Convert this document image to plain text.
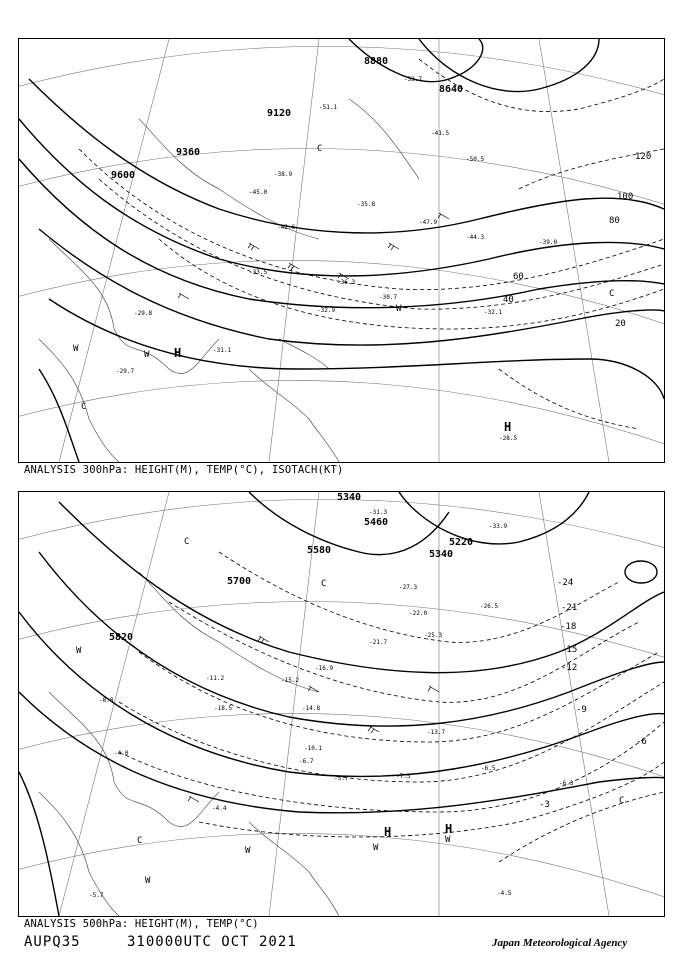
8880
8640
9120
9360
9600
20
40
60
80
100
120
H
H
W
W
W
C
C
C
-53.7
-51.1
-50.5
-47.9
-45.0
-42.6
-39.0
-36.3
-33.5
-31.1
-30.7
-29.8
-29.7
-32.1
-32.9
-28.5
-35.8
-38.9
-41.5
-44.3
ANALYSIS 300hPa: HEIGHT(M), TEMP(°C), ISOTACH(KT)
5340
5460
5220
5340
5580
5700
5820
-24
-21
-18
-15
-12
-9
-6
-3
C
C
C
C
H	H
W
W
W
W
W
-31.3
-33.9
-27.3
-26.5
-25.3
-22.0
-21.7
-18.5
-16.9
-15.2
-14.8
-13.7
-11.2
-10.1
-8.8
-7.5
-6.7
-5.7
-4.4
-4.0
-6.5
-6.3
-4.5
-5.7
ANALYSIS 500hPa: HEIGHT(M), TEMP(°C)
AUPQ35	310000UTC OCT 2021	Japan Meteorological Agency
